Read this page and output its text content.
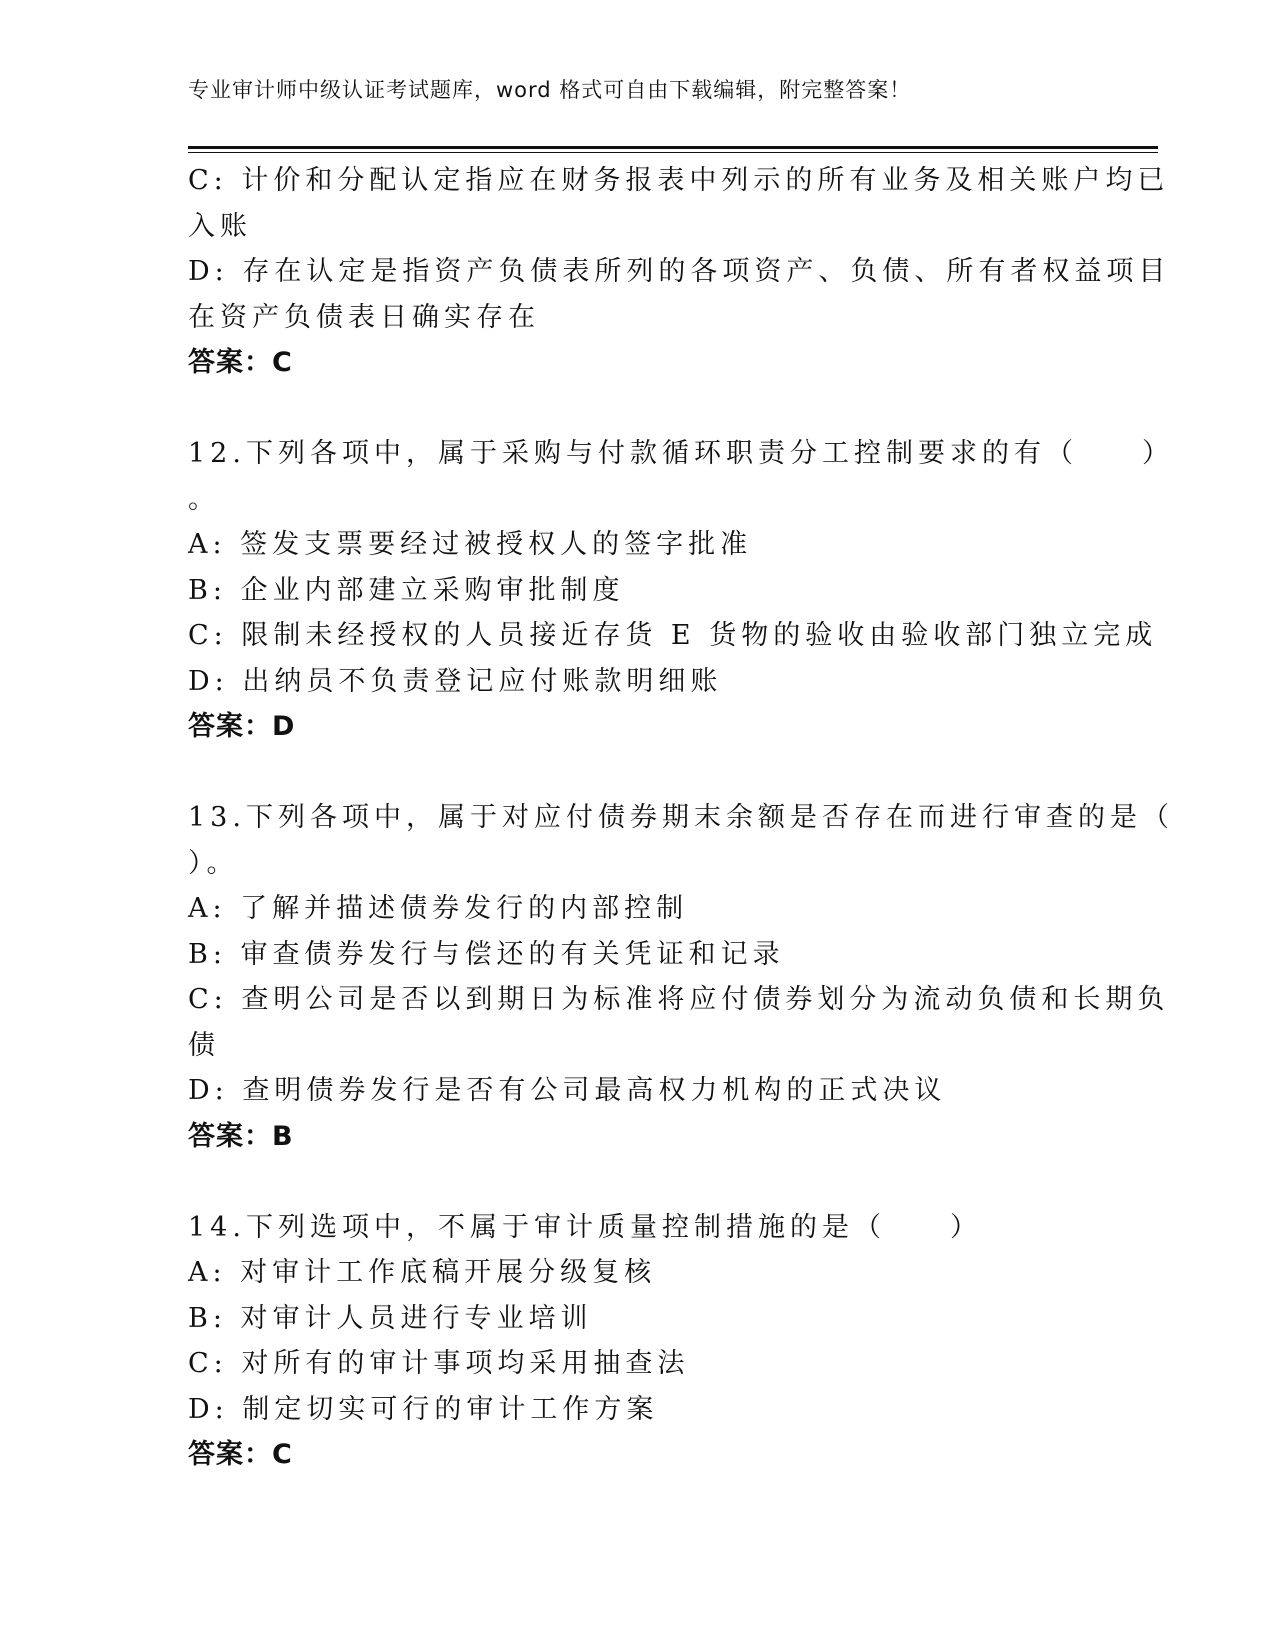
专业审计师中级认证考试题库，word 格式可自由下载编辑，附完整答案！
C: 计价和分配认定指应在财务报表中列示的所有业务及相关账户均已
入账
D: 存在认定是指资产负债表所列的各项资产、负债、所有者权益项目
在资产负债表日确实存在
答案：C
12.下列各项中，属于采购与付款循环职责分工控制要求的有（　　）
。
A: 签发支票要经过被授权人的签字批准
B: 企业内部建立采购审批制度
C: 限制未经授权的人员接近存货 E 货物的验收由验收部门独立完成
D: 出纳员不负责登记应付账款明细账
答案：D
13.下列各项中，属于对应付债券期末余额是否存在而进行审查的是（
）。
A: 了解并描述债券发行的内部控制
B: 审查债券发行与偿还的有关凭证和记录
C: 查明公司是否以到期日为标准将应付债券划分为流动负债和长期负
债
D: 查明债券发行是否有公司最高权力机构的正式决议
答案：B
14.下列选项中，不属于审计质量控制措施的是（　　）
A: 对审计工作底稿开展分级复核
B: 对审计人员进行专业培训
C: 对所有的审计事项均采用抽查法
D: 制定切实可行的审计工作方案
答案：C
